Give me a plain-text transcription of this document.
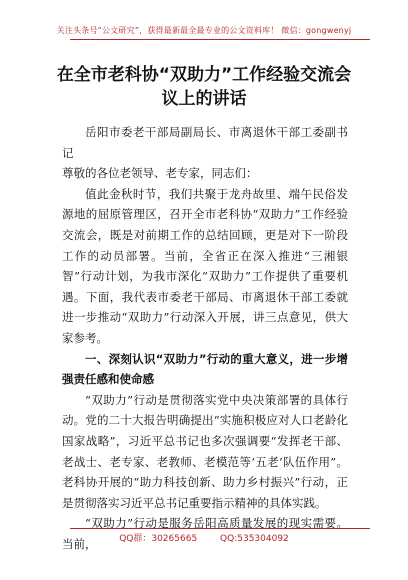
关注头条号“公文研究”，获得最新最全最专业的公文资料库！ 微信：gongwenyj
在全市老科协“双助力”工作经验交流会
议上的讲话

岳阳市委老干部局副局长、市离退休干部工委副书记

尊敬的各位老领导、老专家，同志们：

值此金秋时节，我们共聚于龙舟故里、端午民俗发源地的屈原管理区，召开全市老科协“双助力”工作经验交流会，既是对前期工作的总结回顾，更是对下一阶段工作的动员部署。当前，全省正在深入推进“三湘银智”行动计划，为我市深化“双助力”工作提供了重要机遇。下面，我代表市委老干部局、市离退休干部工委就进一步推动“双助力”行动深入开展，讲三点意见，供大家参考。

一、深刻认识“双助力”行动的重大意义，进一步增强责任感和使命感

“双助力”行动是贯彻落实党中央决策部署的具体行动。党的二十大报告明确提出“实施积极应对人口老龄化国家战略”，习近平总书记也多次强调要“发挥老干部、老战士、老专家、老教师、老模范等‘五老’队伍作用”。老科协开展的“助力科技创新、助力乡村振兴”行动，正是贯彻落实习近平总书记重要指示精神的具体实践。

“双助力”行动是服务岳阳高质量发展的现实需要。当前，	QQ群：30265665	QQ:535304092
